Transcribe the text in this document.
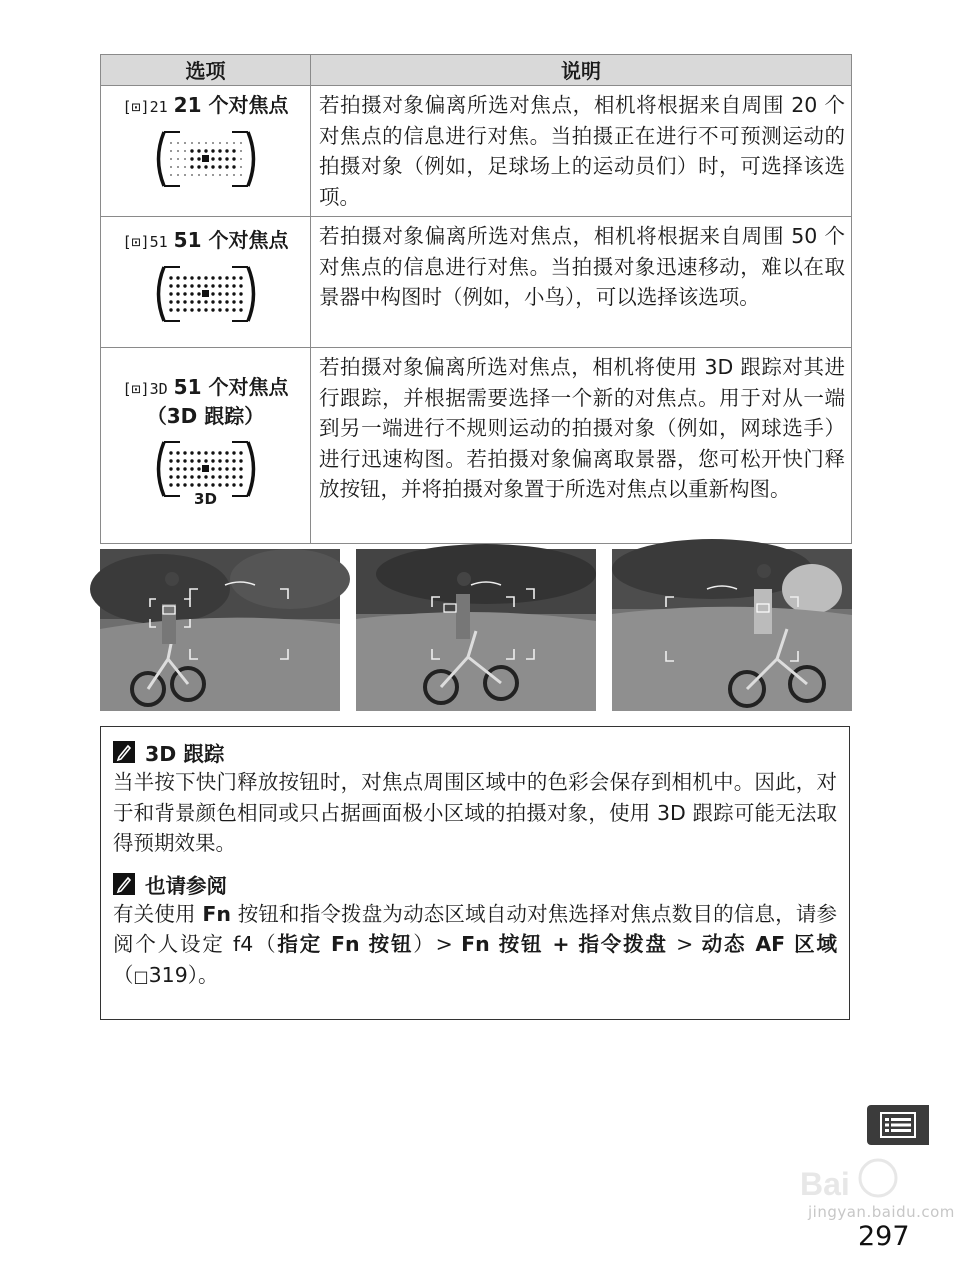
选项	说明

[⊡]21 21 个对焦点	若拍摄对象偏离所选对焦点，相机将根据来自周围 20 个对焦点的信息进行对焦。当拍摄正在进行不可预测运动的拍摄对象（例如，足球场上的运动员们）时，可选择该选项。

[⊡]51 51 个对焦点	若拍摄对象偏离所选对焦点，相机将根据来自周围 50 个对焦点的信息进行对焦。当拍摄对象迅速移动，难以在取景器中构图时（例如，小鸟），可以选择该选项。

[⊡]3D 51 个对焦点
（3D 跟踪）
3D	若拍摄对象偏离所选对焦点，相机将使用 3D 跟踪对其进行跟踪，并根据需要选择一个新的对焦点。用于对从一端到另一端进行不规则运动的拍摄对象（例如，网球选手）进行迅速构图。若拍摄对象偏离取景器，您可松开快门释放按钮，并将拍摄对象置于所选对焦点以重新构图。
3D 跟踪
当半按下快门释放按钮时，对焦点周围区域中的色彩会保存到相机中。因此，对于和背景颜色相同或只占据画面极小区域的拍摄对象，使用 3D 跟踪可能无法取得预期效果。
也请参阅
有关使用 Fn 按钮和指令拨盘为动态区域自动对焦选择对焦点数目的信息，请参阅个人设定 f4（指定 Fn 按钮）> Fn 按钮 + 指令拨盘 > 动态 AF 区域（□319）。
Bai
jingyan.baidu.com
297
